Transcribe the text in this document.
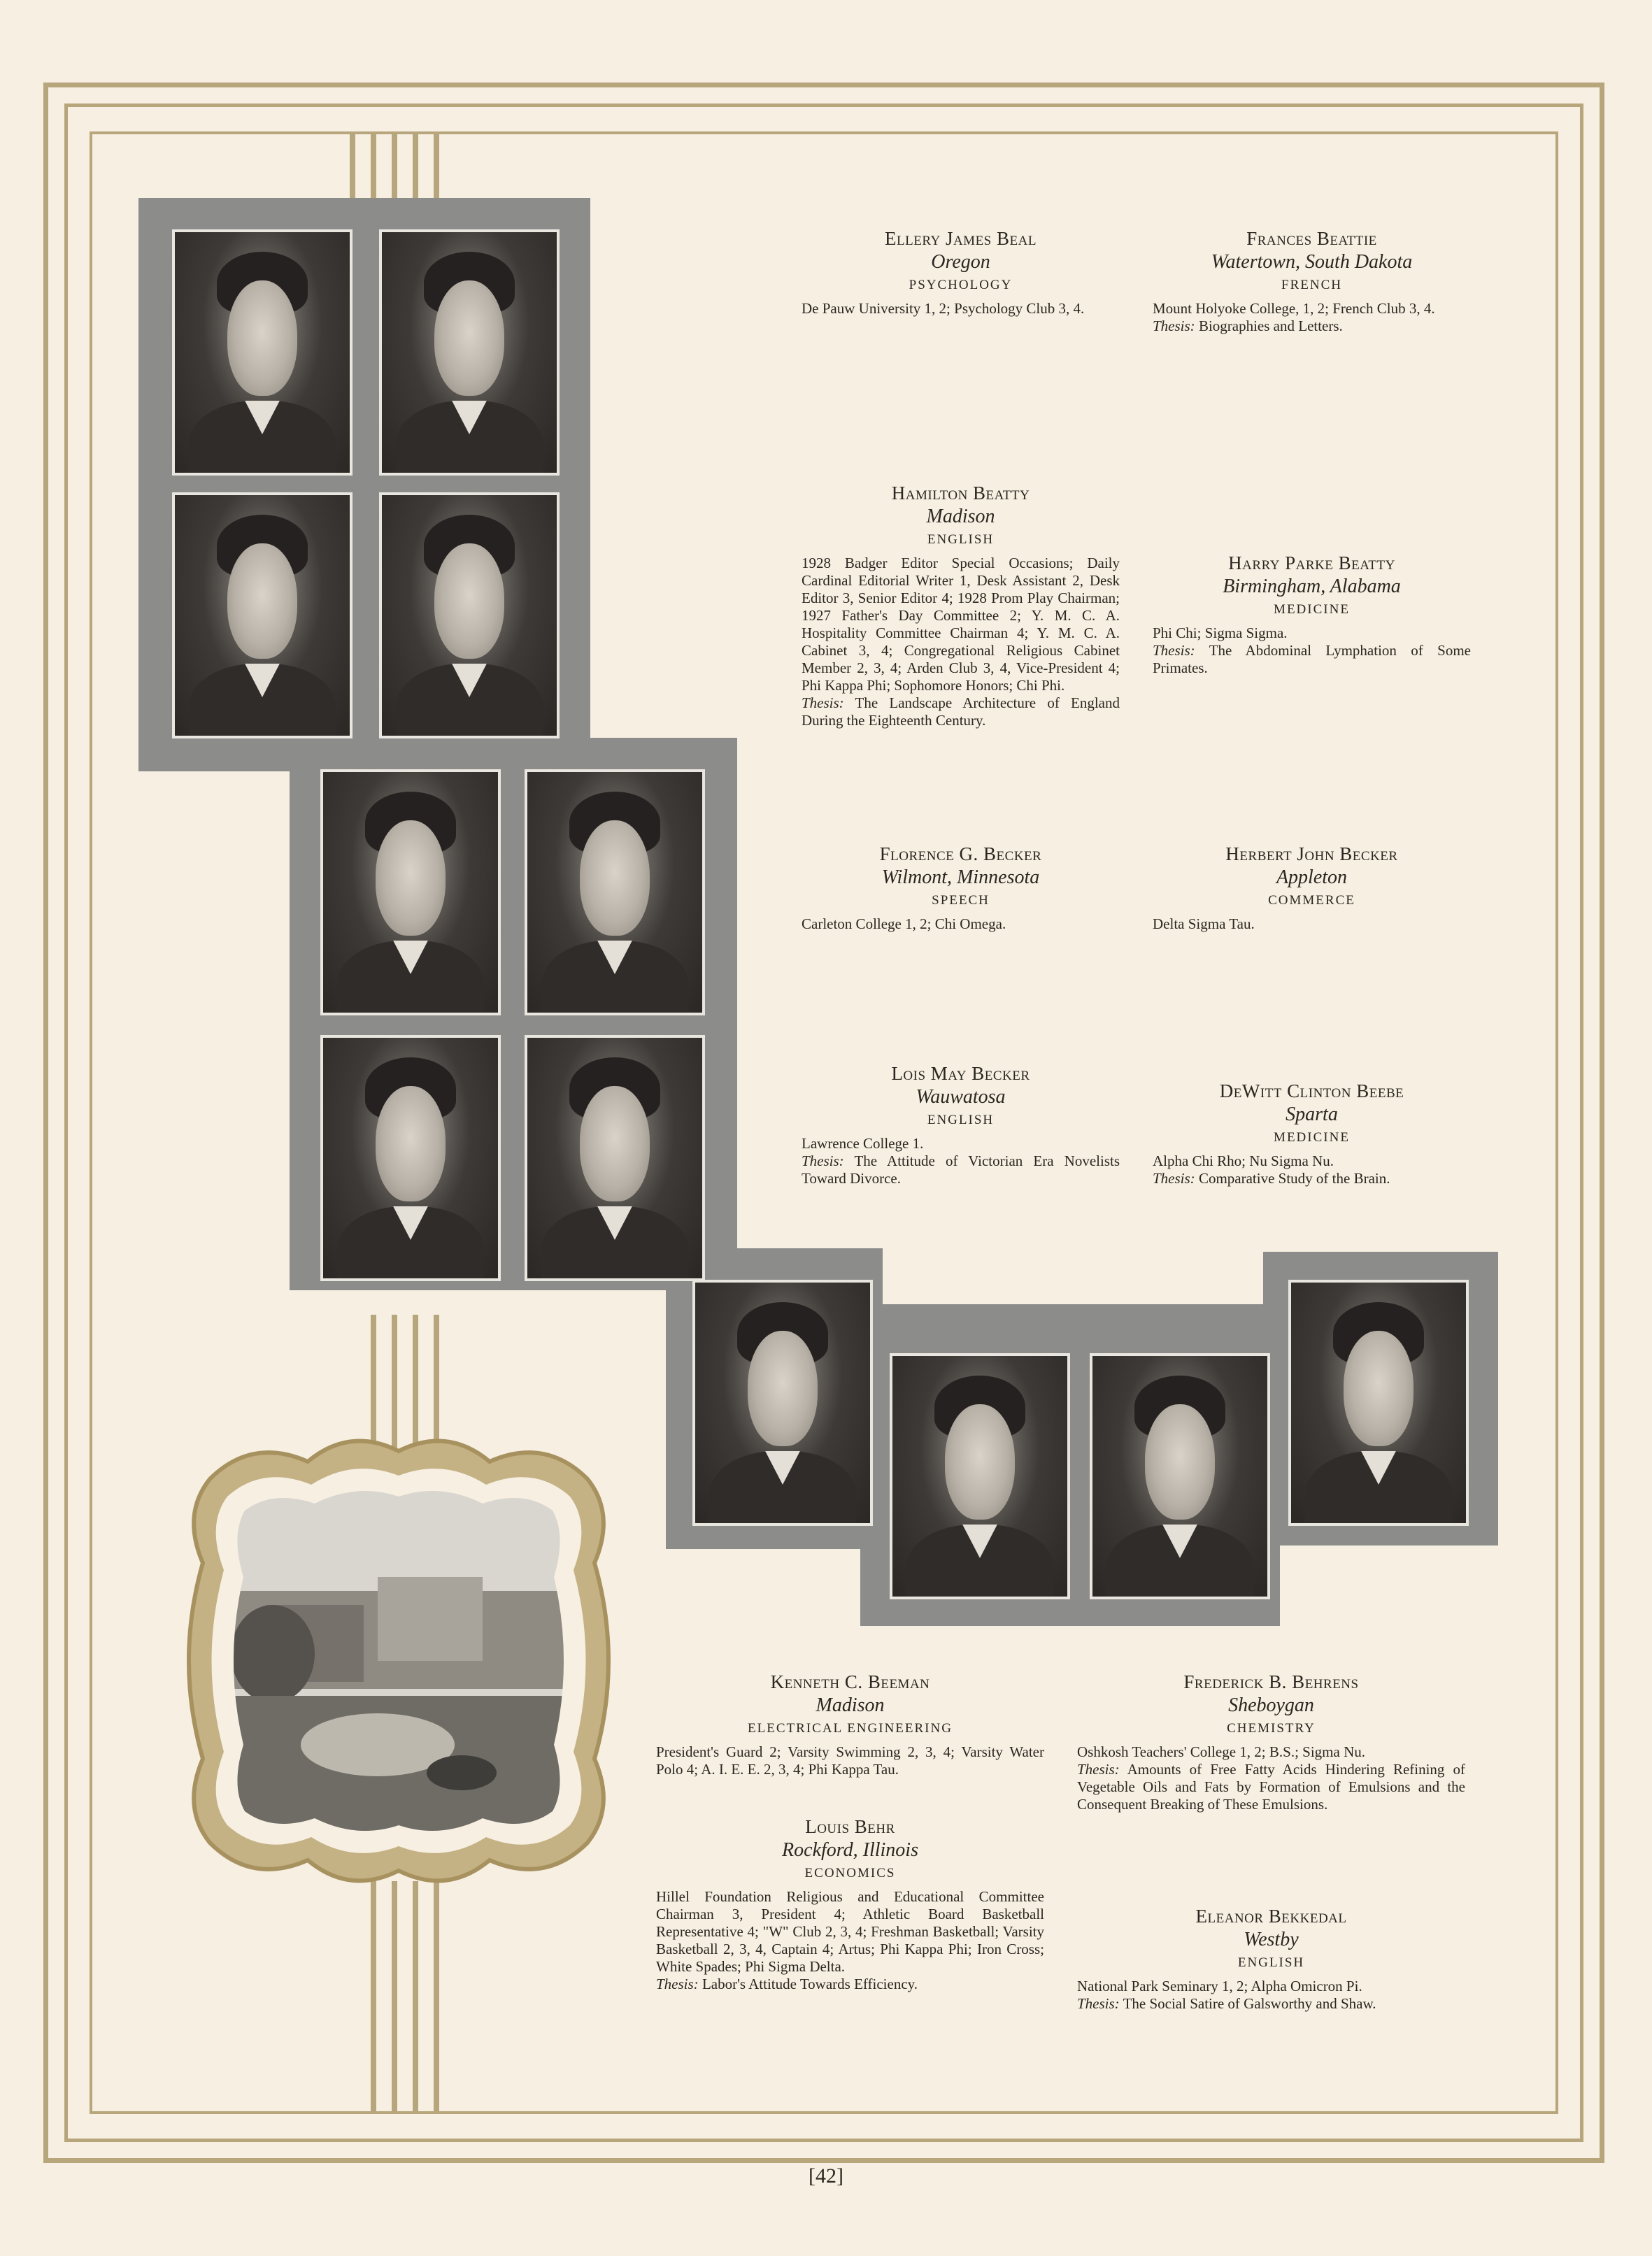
Ellery James Beal

Oregon

PSYCHOLOGY

De Pauw University 1, 2; Psychology Club 3, 4.

Frances Beattie

Watertown, South Dakota

FRENCH

Mount Holyoke College, 1, 2; French Club 3, 4.
Thesis: Biographies and Letters.

Hamilton Beatty

Madison

ENGLISH

1928 Badger Editor Special Occasions; Daily Cardinal Editorial Writer 1, Desk Assistant 2, Desk Editor 3, Senior Editor 4; 1928 Prom Play Chairman; 1927 Father's Day Committee 2; Y. M. C. A. Hospitality Committee Chairman 4; Y. M. C. A. Cabinet 3, 4; Congregational Religious Cabinet Member 2, 3, 4; Arden Club 3, 4, Vice-President 4; Phi Kappa Phi; Sophomore Honors; Chi Phi.
Thesis: The Landscape Architecture of England During the Eighteenth Century.

Harry Parke Beatty

Birmingham, Alabama

MEDICINE

Phi Chi; Sigma Sigma.
Thesis: The Abdominal Lymphation of Some Primates.

Florence G. Becker

Wilmont, Minnesota

SPEECH

Carleton College 1, 2; Chi Omega.

Herbert John Becker

Appleton

COMMERCE

Delta Sigma Tau.

Lois May Becker

Wauwatosa

ENGLISH

Lawrence College 1.
Thesis: The Attitude of Victorian Era Novelists Toward Divorce.

DeWitt Clinton Beebe

Sparta

MEDICINE

Alpha Chi Rho; Nu Sigma Nu.
Thesis: Comparative Study of the Brain.

Kenneth C. Beeman

Madison

ELECTRICAL ENGINEERING

President's Guard 2; Varsity Swimming 2, 3, 4; Varsity Water Polo 4; A. I. E. E. 2, 3, 4; Phi Kappa Tau.

Frederick B. Behrens

Sheboygan

CHEMISTRY

Oshkosh Teachers' College 1, 2; B.S.; Sigma Nu.
Thesis: Amounts of Free Fatty Acids Hindering Refining of Vegetable Oils and Fats by Formation of Emulsions and the Consequent Breaking of These Emulsions.

Louis Behr

Rockford, Illinois

ECONOMICS

Hillel Foundation Religious and Educational Committee Chairman 3, President 4; Athletic Board Basketball Representative 4; "W" Club 2, 3, 4; Freshman Basketball; Varsity Basketball 2, 3, 4, Captain 4; Artus; Phi Kappa Phi; Iron Cross; White Spades; Phi Sigma Delta.
Thesis: Labor's Attitude Towards Efficiency.

Eleanor Bekkedal

Westby

ENGLISH

National Park Seminary 1, 2; Alpha Omicron Pi.
Thesis: The Social Satire of Galsworthy and Shaw.

[42]
